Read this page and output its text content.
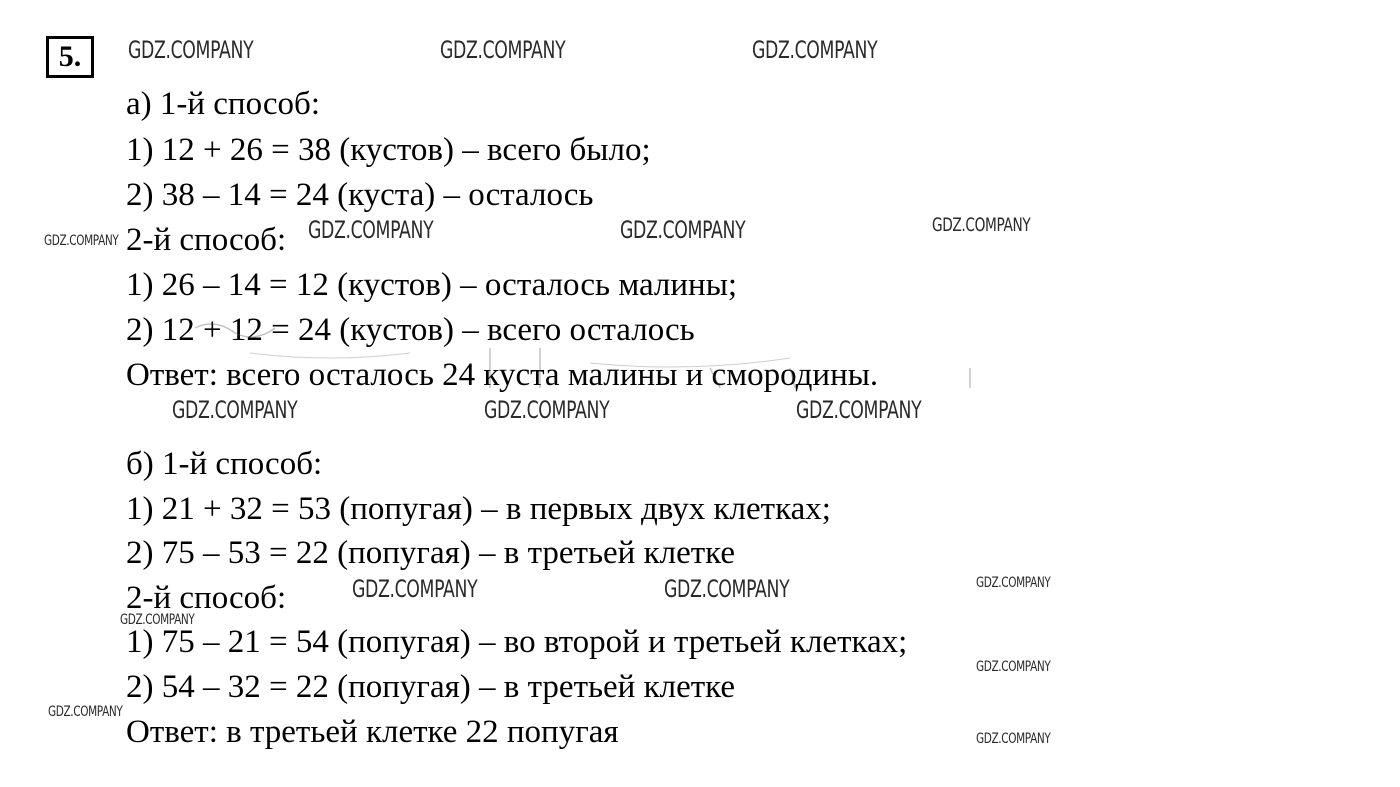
5.
а) 1-й способ:
1) 12 + 26 = 38 (кустов) – всего было;
2) 38 – 14 = 24 (куста) – осталось
2-й способ:
1) 26 – 14 = 12 (кустов) – осталось малины;
2) 12 + 12 = 24 (кустов) – всего осталось
Ответ: всего осталось 24 куста малины и смородины.
б) 1-й способ:
1) 21 + 32 = 53 (попугая) – в первых двух клетках;
2) 75 – 53 = 22 (попугая) – в третьей клетке
2-й способ:
1) 75 – 21 = 54 (попугая) – во второй и третьей клетках;
2) 54 – 32 = 22 (попугая) – в третьей клетке
Ответ: в третьей клетке 22 попугая
GDZ.COMPANY	GDZ.COMPANY	GDZ.COMPANY
GDZ.COMPANY	GDZ.COMPANY	GDZ.COMPANY	GDZ.COMPANY
GDZ.COMPANY	GDZ.COMPANY	GDZ.COMPANY
GDZ.COMPANY	GDZ.COMPANY	GDZ.COMPANY
GDZ.COMPANY
GDZ.COMPANY
GDZ.COMPANY
GDZ.COMPANY
